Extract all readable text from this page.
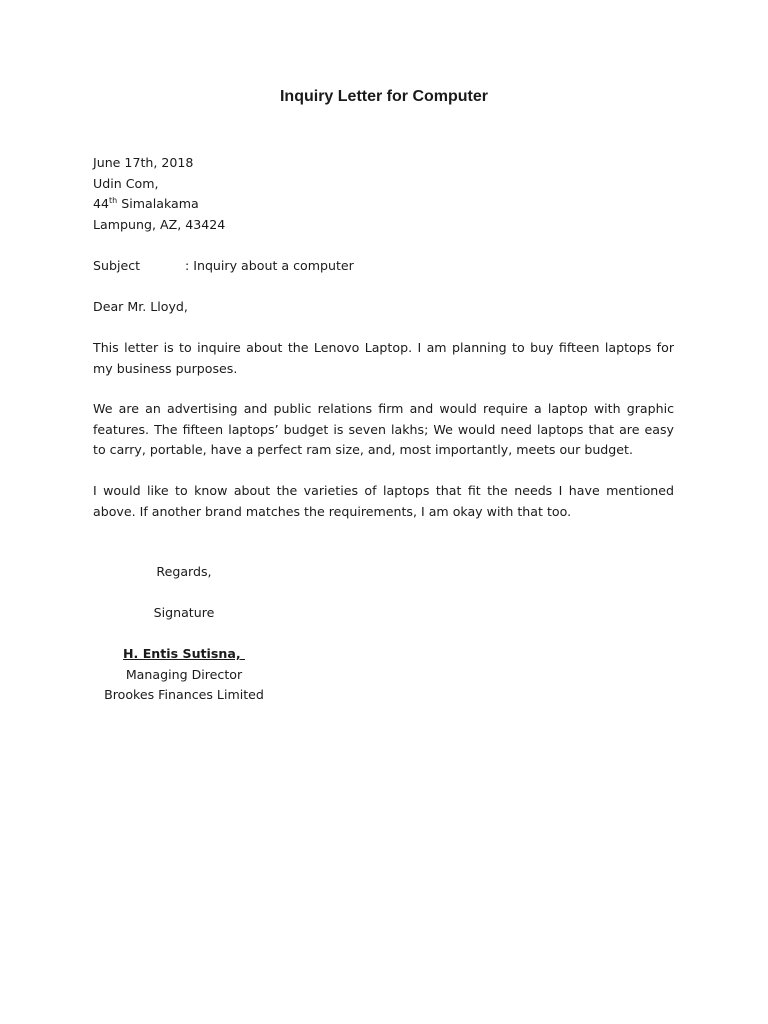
Inquiry Letter for Computer
June 17th, 2018
Udin Com,
44th Simalakama
Lampung, AZ, 43424
Subject	: Inquiry about a computer
Dear Mr. Lloyd,
This letter is to inquire about the Lenovo Laptop. I am planning to buy fifteen laptops for my business purposes.
We are an advertising and public relations firm and would require a laptop with graphic features. The fifteen laptops’ budget is seven lakhs; We would need laptops that are easy to carry, portable, have a perfect ram size, and, most importantly, meets our budget.
I would like to know about the varieties of laptops that fit the needs I have mentioned above. If another brand matches the requirements, I am okay with that too.
Regards,
Signature
H. Entis Sutisna,
Managing Director
Brookes Finances Limited
